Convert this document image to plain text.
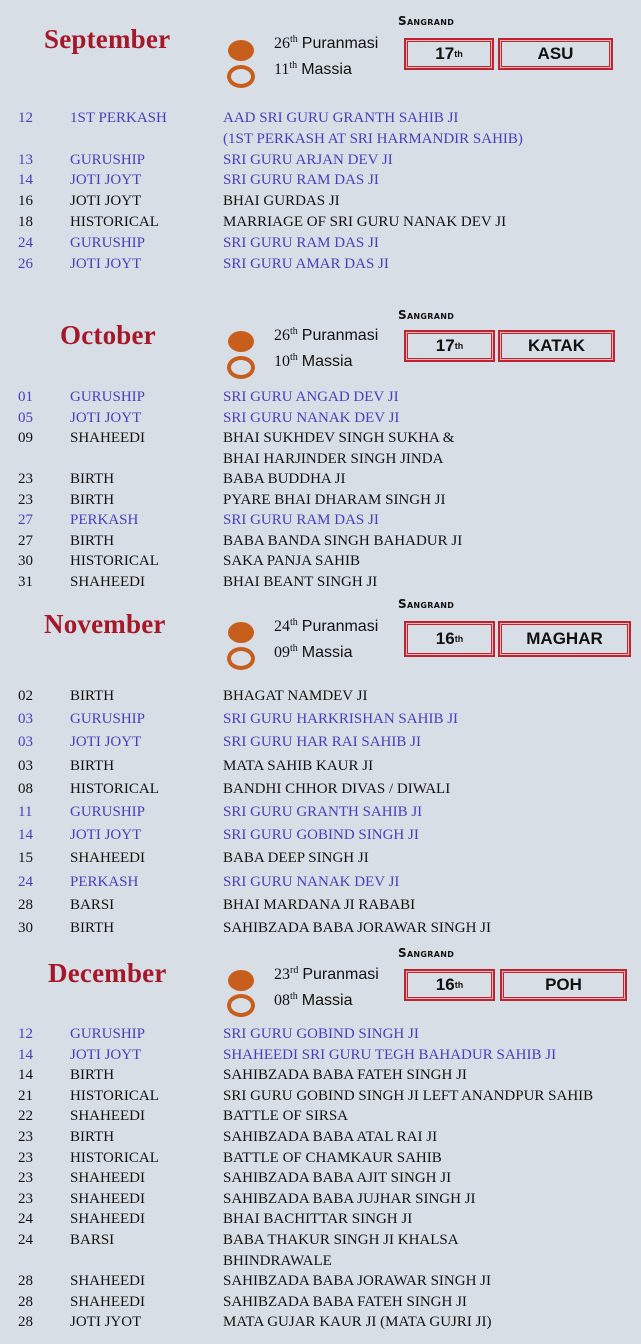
September
Sangrand
26th Puranmasi
11th Massia
17 th	ASU
12 1ST PERKASH	AAD SRI GURU GRANTH SAHIB JI
(1ST PERKASH AT SRI HARMANDIR SAHIB)
13 GURUSHIP	SRI GURU ARJAN DEV JI
14 JOTI JOYT	SRI GURU RAM DAS JI
16 JOTI JOYT	BHAI GURDAS JI
18 HISTORICAL	MARRIAGE OF SRI GURU NANAK DEV JI
24 GURUSHIP	SRI GURU RAM DAS JI
26 JOTI JOYT	SRI GURU AMAR DAS JI
October
Sangrand
26th Puranmasi
10th Massia
17 th	KATAK
01 GURUSHIP	SRI GURU ANGAD DEV JI
05 JOTI JOYT	SRI GURU NANAK DEV JI
09 SHAHEEDI	BHAI SUKHDEV SINGH SUKHA &
BHAI HARJINDER SINGH JINDA
23 BIRTH	BABA BUDDHA JI
23 BIRTH	PYARE BHAI DHARAM SINGH JI
27 PERKASH	SRI GURU RAM DAS JI
27 BIRTH	BABA BANDA SINGH BAHADUR JI
30 HISTORICAL	SAKA PANJA SAHIB
31 SHAHEEDI	BHAI BEANT SINGH JI
November
Sangrand
24th Puranmasi
09th Massia
16 th	MAGHAR
02 BIRTH	BHAGAT NAMDEV JI
03 GURUSHIP	SRI GURU HARKRISHAN SAHIB JI
03 JOTI JOYT	SRI GURU HAR RAI SAHIB JI
03 BIRTH	MATA SAHIB KAUR JI
08 HISTORICAL	BANDHI CHHOR DIVAS / DIWALI
11	GURUSHIP	SRI GURU GRANTH SAHIB JI
14 JOTI JOYT	SRI GURU GOBIND SINGH JI
15 SHAHEEDI	BABA DEEP SINGH JI
24 PERKASH	SRI GURU NANAK DEV JI
28 BARSI	BHAI MARDANA JI RABABI
30 BIRTH	SAHIBZADA BABA JORAWAR SINGH JI
December
Sangrand
23rd Puranmasi
08th Massia
16 th	POH
12 GURUSHIP	SRI GURU GOBIND SINGH JI
14 JOTI JOYT	SHAHEEDI SRI GURU TEGH BAHADUR SAHIB JI
14 BIRTH	SAHIBZADA BABA FATEH SINGH JI
21 HISTORICAL	SRI GURU GOBIND SINGH JI LEFT ANANDPUR SAHIB
22 SHAHEEDI	BATTLE OF SIRSA
23 BIRTH	SAHIBZADA BABA ATAL RAI JI
23 HISTORICAL	BATTLE OF CHAMKAUR SAHIB
23 SHAHEEDI	SAHIBZADA BABA AJIT SINGH JI
23 SHAHEEDI	SAHIBZADA BABA JUJHAR SINGH JI
24 SHAHEEDI	BHAI BACHITTAR SINGH JI
24 BARSI	BABA THAKUR SINGH JI KHALSA
BHINDRAWALE
28 SHAHEEDI	SAHIBZADA BABA JORAWAR SINGH JI
28 SHAHEEDI	SAHIBZADA BABA FATEH SINGH JI
28 JOTI JYOT	MATA GUJAR KAUR JI (MATA GUJRI JI)
